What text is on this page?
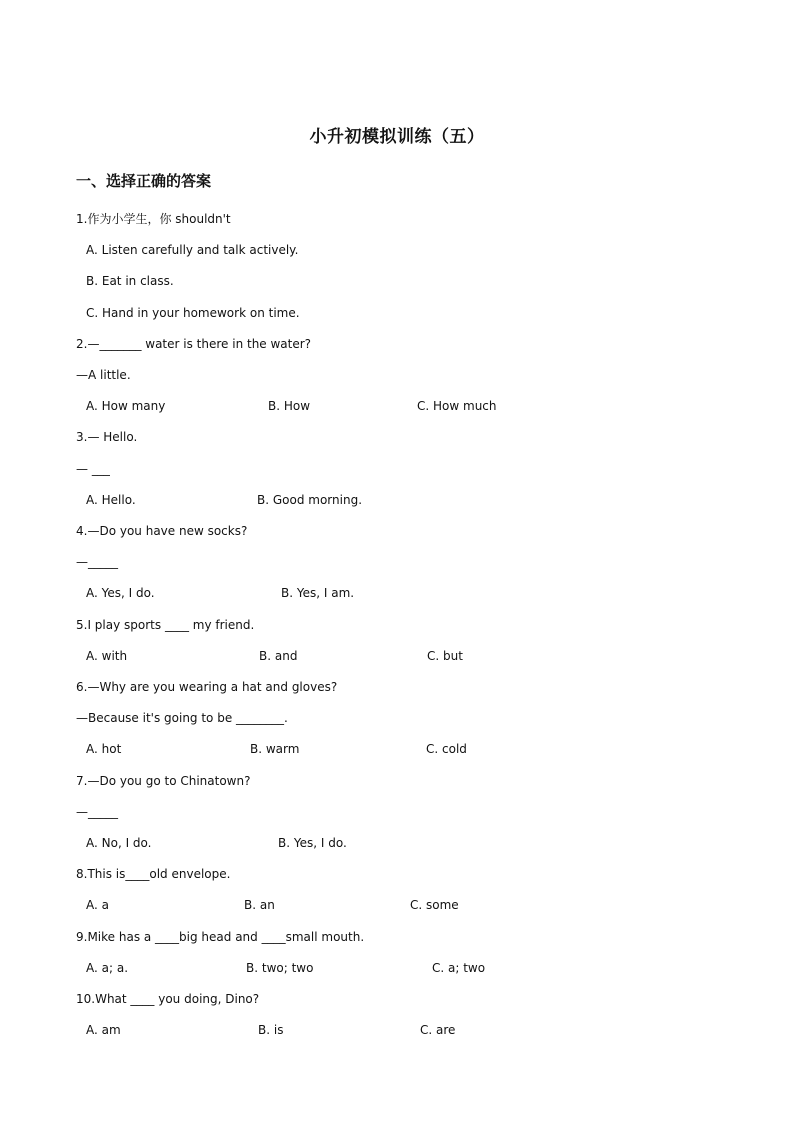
小升初模拟训练（五）
一、选择正确的答案
1.作为小学生，你 shouldn't
A. Listen carefully and talk actively.
B. Eat in class.
C. Hand in your homework on time.
2.—_______ water is there in the water?
—A little.
A. How many	B. How	C. How much
3.— Hello.
— ___
A. Hello.	B. Good morning.
4.—Do you have new socks?
—_____
A. Yes, I do.	B. Yes, I am.
5.I play sports ____ my friend.
A. with	B. and	C. but
6.—Why are you wearing a hat and gloves?
—Because it's going to be ________.
A. hot	B. warm	C. cold
7.—Do you go to Chinatown?
—_____
A. No, I do.	B. Yes, I do.
8.This is____old envelope.
A. a	B. an	C. some
9.Mike has a ____big head and ____small mouth.
A. a; a.	B. two; two	C. a; two
10.What ____ you doing, Dino?
A. am	B. is	C. are
